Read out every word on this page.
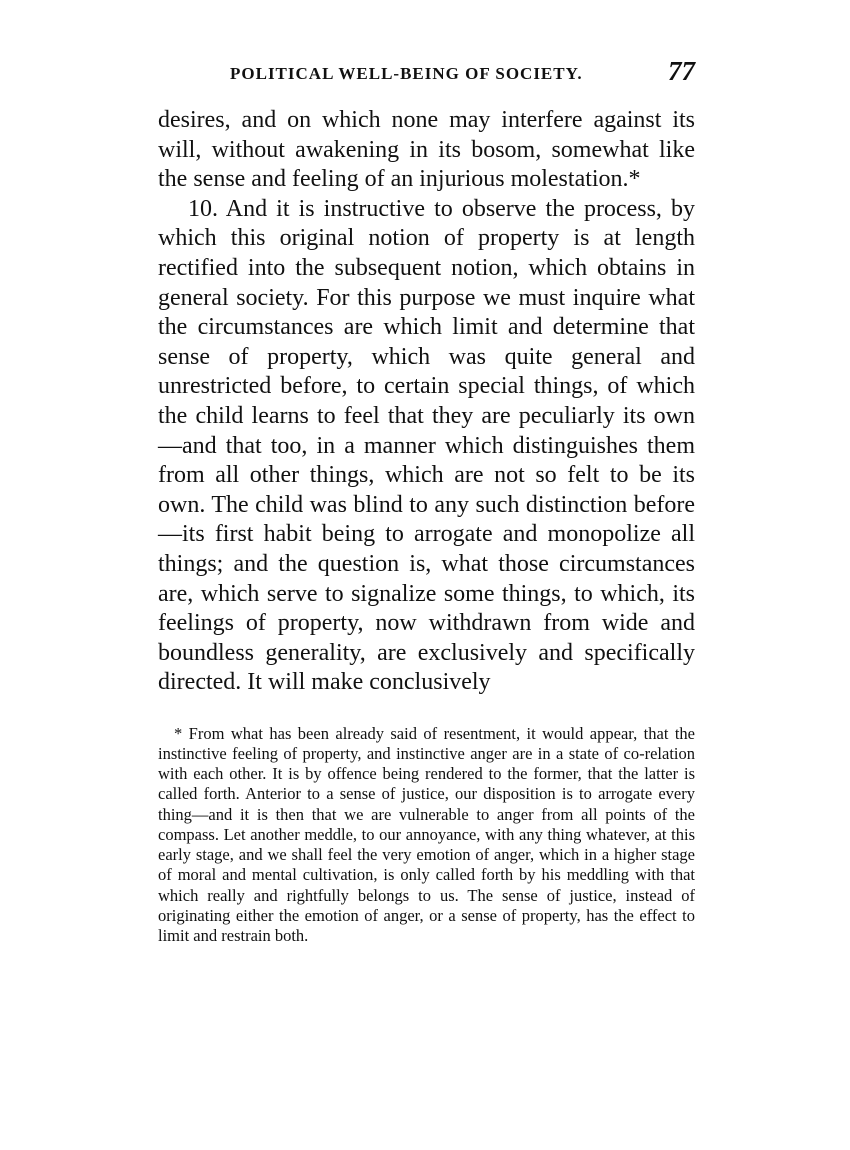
POLITICAL WELL-BEING OF SOCIETY.	77

desires, and on which none may interfere against its will, without awakening in its bosom, somewhat like the sense and feeling of an injurious molestation.*

10. And it is instructive to observe the process, by which this original notion of property is at length rectified into the subsequent notion, which obtains in general society. For this purpose we must inquire what the circumstances are which limit and determine that sense of property, which was quite general and unrestricted before, to certain special things, of which the child learns to feel that they are peculiarly its own—and that too, in a manner which distinguishes them from all other things, which are not so felt to be its own. The child was blind to any such distinction before —its first habit being to arrogate and monopolize all things; and the question is, what those circumstances are, which serve to signalize some things, to which, its feelings of property, now withdrawn from wide and boundless generality, are exclusively and specifically directed. It will make conclusively

* From what has been already said of resentment, it would appear, that the instinctive feeling of property, and instinctive anger are in a state of co-relation with each other. It is by offence being rendered to the former, that the latter is called forth. Anterior to a sense of justice, our disposition is to arrogate every thing—and it is then that we are vulnerable to anger from all points of the compass. Let another meddle, to our annoyance, with any thing whatever, at this early stage, and we shall feel the very emotion of anger, which in a higher stage of moral and mental cultivation, is only called forth by his meddling with that which really and rightfully belongs to us. The sense of justice, instead of originating either the emotion of anger, or a sense of property, has the effect to limit and restrain both.
